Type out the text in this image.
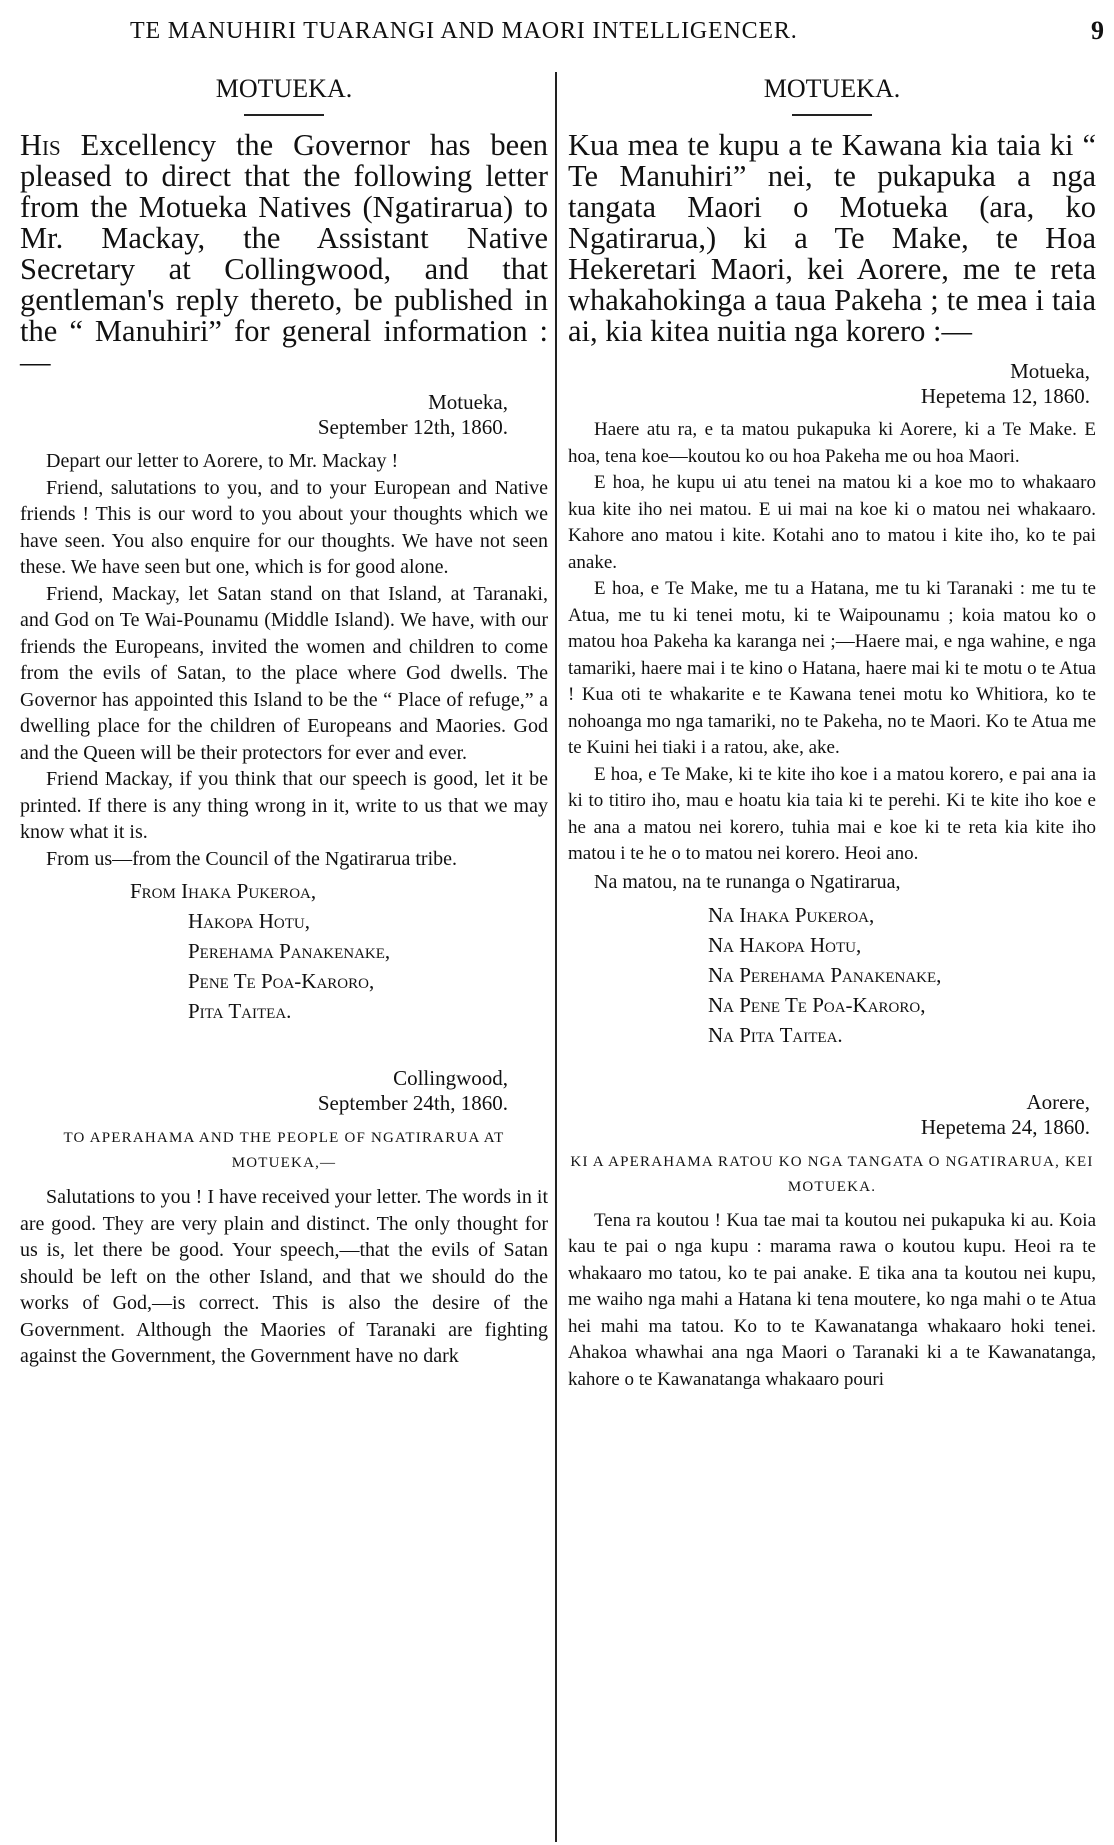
TE MANUHIRI TUARANGI AND MAORI INTELLIGENCER.	9
MOTUEKA.
His Excellency the Governor has been pleased to direct that the following letter from the Motueka Natives (Ngatirarua) to Mr. Mackay, the Assistant Native Secretary at Collingwood, and that gentleman's reply thereto, be published in the “ Manuhiri” for general information :—
Motueka,
September 12th, 1860.

Depart our letter to Aorere, to Mr. Mackay !

Friend, salutations to you, and to your European and Native friends ! This is our word to you about your thoughts which we have seen. You also enquire for our thoughts. We have not seen these. We have seen but one, which is for good alone.

Friend, Mackay, let Satan stand on that Island, at Taranaki, and God on Te Wai-Pounamu (Middle Island). We have, with our friends the Europeans, invited the women and children to come from the evils of Satan, to the place where God dwells. The Governor has appointed this Island to be the “ Place of refuge,” a dwelling place for the children of Europeans and Maories. God and the Queen will be their protectors for ever and ever.

Friend Mackay, if you think that our speech is good, let it be printed. If there is any thing wrong in it, write to us that we may know what it is.

From us—from the Council of the Ngatirarua tribe.

From Ihaka Pukeroa,
Hakopa Hotu,
Perehama Panakenake,
Pene Te Poa-Karoro,
Pita Taitea.
Collingwood,
September 24th, 1860.
TO APERAHAMA AND THE PEOPLE OF NGATIRARUA AT MOTUEKA,—

Salutations to you ! I have received your letter. The words in it are good. They are very plain and distinct. The only thought for us is, let there be good. Your speech,—that the evils of Satan should be left on the other Island, and that we should do the works of God,—is correct. This is also the desire of the Government. Although the Maories of Taranaki are fighting against the Government, the Government have no dark

MOTUEKA.
Kua mea te kupu a te Kawana kia taia ki “ Te Manuhiri” nei, te pukapuka a nga tangata Maori o Motueka (ara, ko Ngatirarua,) ki a Te Make, te Hoa Hekeretari Maori, kei Aorere, me te reta whakahokinga a taua Pakeha ; te mea i taia ai, kia kitea nuitia nga korero :—
Motueka,
Hepetema 12, 1860.

Haere atu ra, e ta matou pukapuka ki Aorere, ki a Te Make. E hoa, tena koe—koutou ko ou hoa Pakeha me ou hoa Maori.

E hoa, he kupu ui atu tenei na matou ki a koe mo to whakaaro kua kite iho nei matou. E ui mai na koe ki o matou nei whakaaro. Kahore ano matou i kite. Kotahi ano to matou i kite iho, ko te pai anake.

E hoa, e Te Make, me tu a Hatana, me tu ki Taranaki : me tu te Atua, me tu ki tenei motu, ki te Waipounamu ; koia matou ko o matou hoa Pakeha ka karanga nei ;—Haere mai, e nga wahine, e nga tamariki, haere mai i te kino o Hatana, haere mai ki te motu o te Atua ! Kua oti te whakarite e te Kawana tenei motu ko Whitiora, ko te nohoanga mo nga tamariki, no te Pakeha, no te Maori. Ko te Atua me te Kuini hei tiaki i a ratou, ake, ake.

E hoa, e Te Make, ki te kite iho koe i a matou korero, e pai ana ia ki to titiro iho, mau e hoatu kia taia ki te perehi. Ki te kite iho koe e he ana a matou nei korero, tuhia mai e koe ki te reta kia kite iho matou i te he o to matou nei korero. Heoi ano.

Na matou, na te runanga o Ngatirarua,
Na Ihaka Pukeroa,
Na Hakopa Hotu,
Na Perehama Panakenake,
Na Pene Te Poa-Karoro,
Na Pita Taitea.
Aorere,
Hepetema 24, 1860.
KI A APERAHAMA RATOU KO NGA TANGATA O NGATIRARUA, KEI MOTUEKA.

Tena ra koutou ! Kua tae mai ta koutou nei pukapuka ki au. Koia kau te pai o nga kupu : marama rawa o koutou kupu. Heoi ra te whakaaro mo tatou, ko te pai anake. E tika ana ta koutou nei kupu, me waiho nga mahi a Hatana ki tena moutere, ko nga mahi o te Atua hei mahi ma tatou. Ko to te Kawanatanga whakaaro hoki tenei. Ahakoa whawhai ana nga Maori o Taranaki ki a te Kawanatanga, kahore o te Kawanatanga whakaaro pouri
